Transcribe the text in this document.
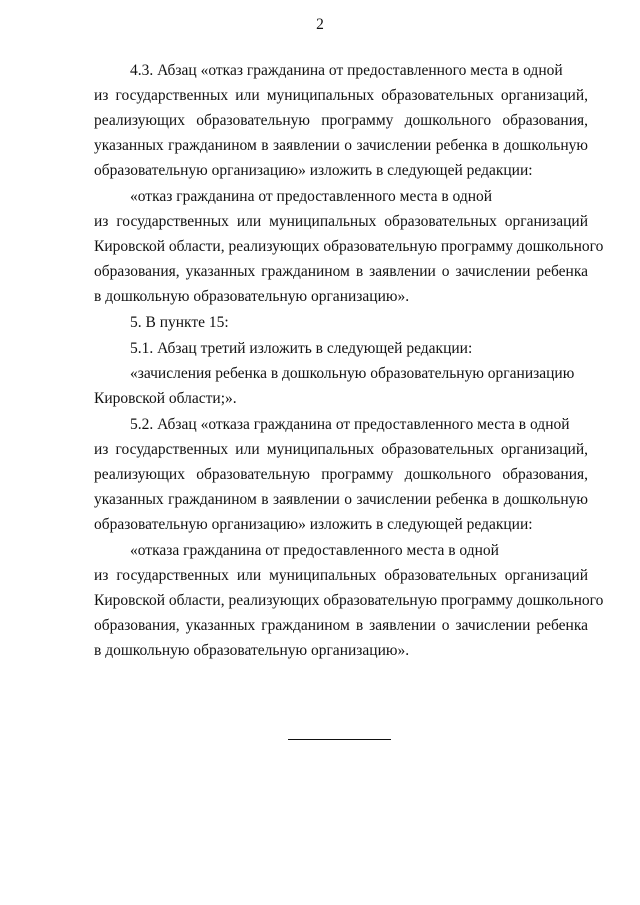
2
4.3. Абзац «отказ гражданина от предоставленного места в одной
из государственных или муниципальных образовательных организаций,
реализующих образовательную программу дошкольного образования,
указанных гражданином в заявлении о зачислении ребенка в дошкольную
образовательную организацию» изложить в следующей редакции:
«отказ гражданина от предоставленного места в одной
из государственных или муниципальных образовательных организаций
Кировской области, реализующих образовательную программу дошкольного
образования, указанных гражданином в заявлении о зачислении ребенка
в дошкольную образовательную организацию».
5. В пункте 15:
5.1. Абзац третий изложить в следующей редакции:
«зачисления ребенка в дошкольную образовательную организацию
Кировской области;».
5.2. Абзац «отказа гражданина от предоставленного места в одной
из государственных или муниципальных образовательных организаций,
реализующих образовательную программу дошкольного образования,
указанных гражданином в заявлении о зачислении ребенка в дошкольную
образовательную организацию» изложить в следующей редакции:
«отказа гражданина от предоставленного места в одной
из государственных или муниципальных образовательных организаций
Кировской области, реализующих образовательную программу дошкольного
образования, указанных гражданином в заявлении о зачислении ребенка
в дошкольную образовательную организацию».
